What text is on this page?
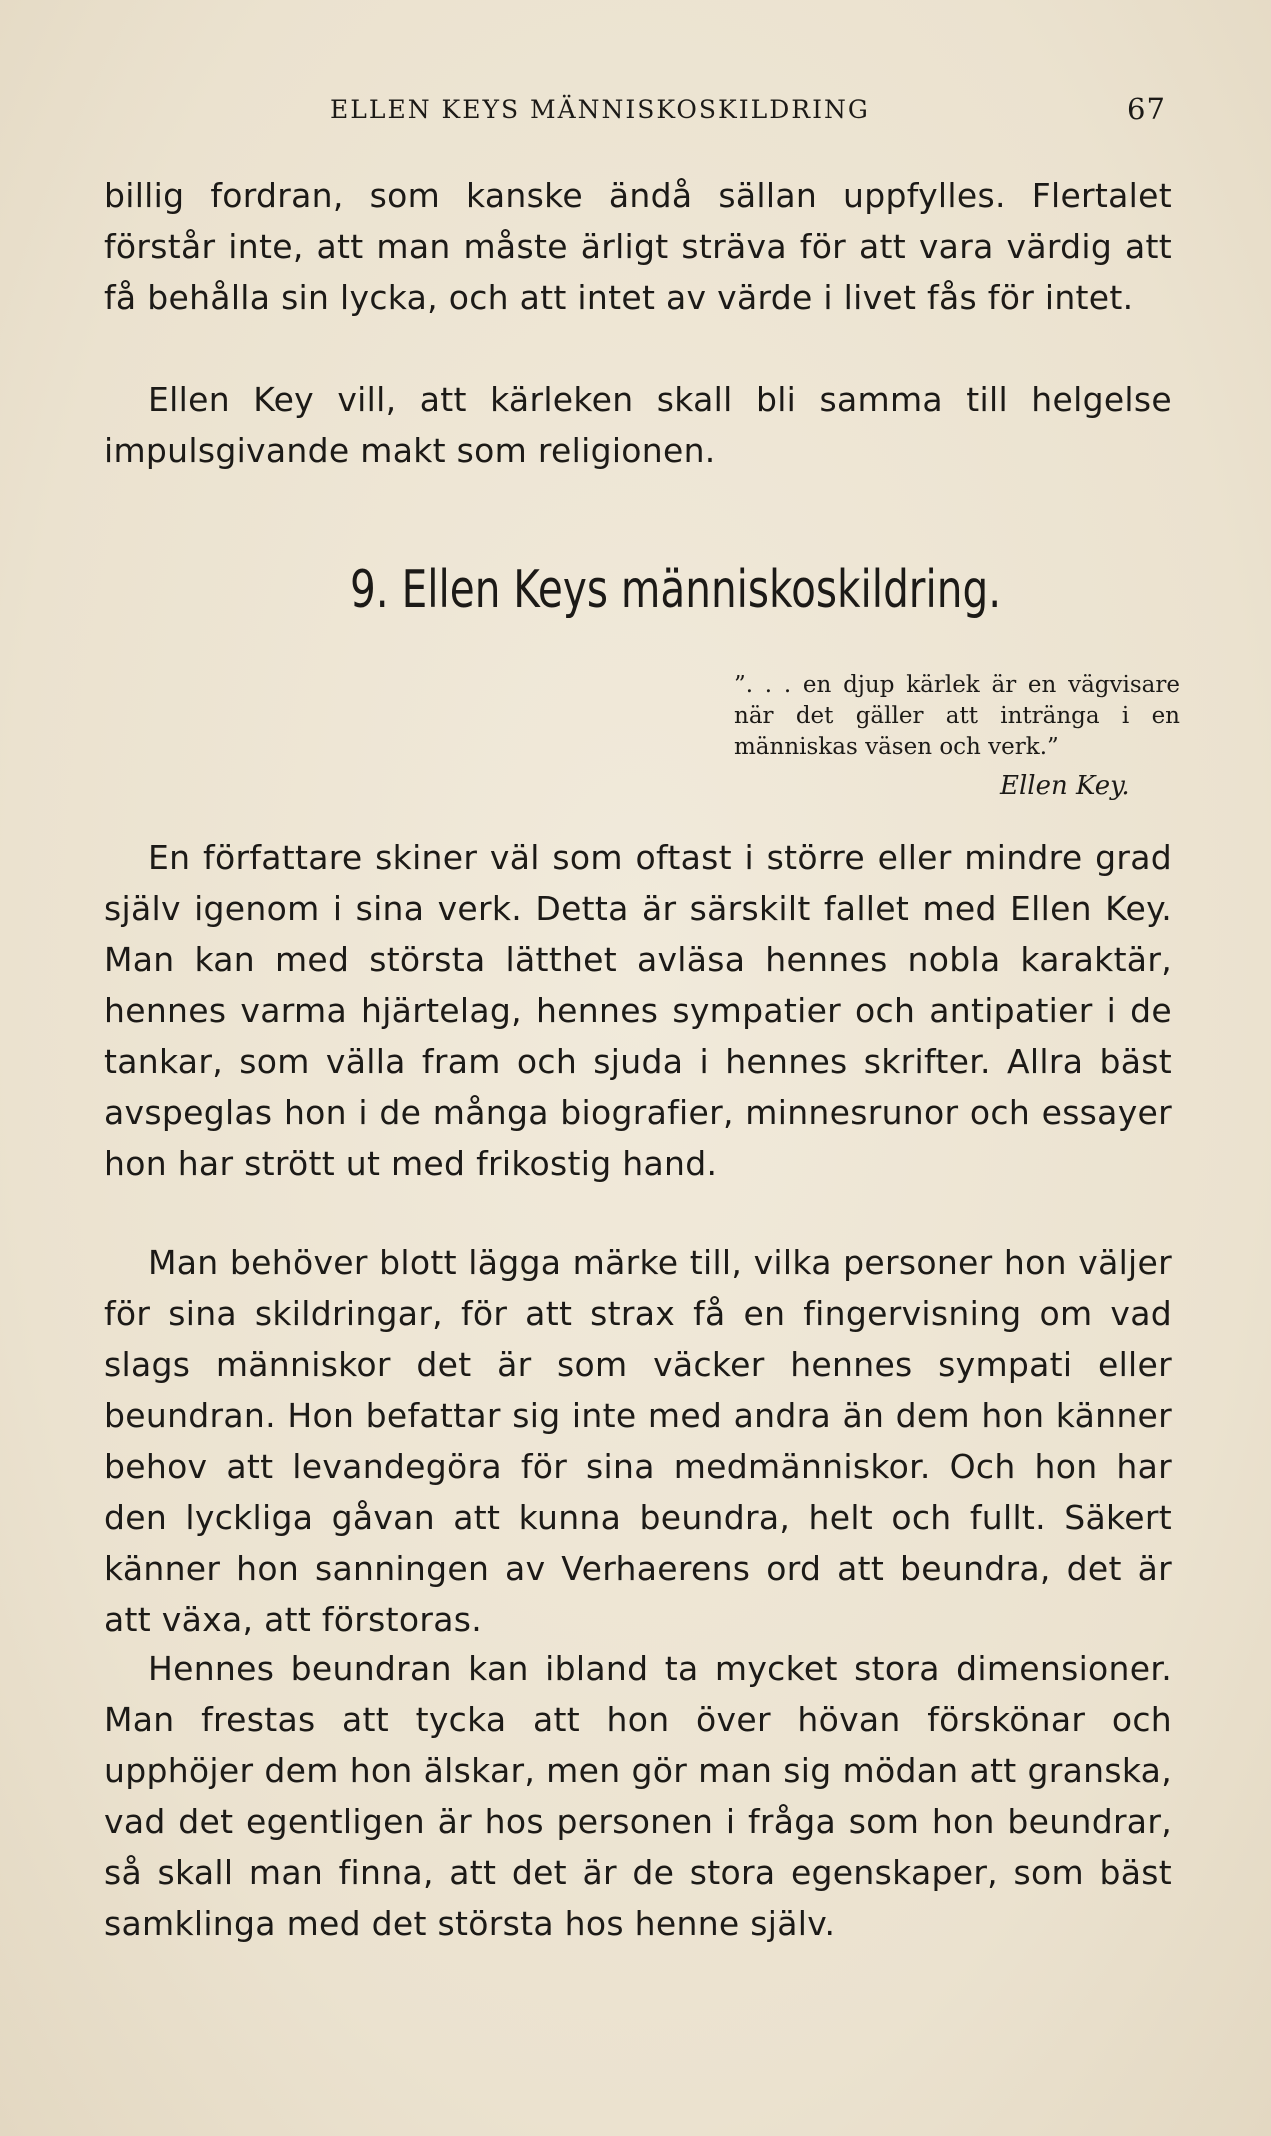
ELLEN KEYS MÄNNISKOSKILDRING	67

billig fordran, som kanske ändå sällan uppfylles. Flertalet förstår inte, att man måste ärligt sträva för att vara värdig att få behålla sin lycka, och att intet av värde i livet fås för intet.

Ellen Key vill, att kärleken skall bli samma till helgelse impulsgivande makt som religionen.

9. Ellen Keys människoskildring.

”. . . en djup kärlek är en vägvisare när det gäller att intränga i en människas väsen och verk.”

Ellen Key.

En författare skiner väl som oftast i större eller mindre grad själv igenom i sina verk. Detta är särskilt fallet med Ellen Key. Man kan med största lätthet avläsa hennes nobla karaktär, hennes varma hjärtelag, hennes sympatier och antipatier i de tankar, som välla fram och sjuda i hennes skrifter. Allra bäst avspeglas hon i de många biografier, minnesrunor och essayer hon har strött ut med frikostig hand.

Man behöver blott lägga märke till, vilka personer hon väljer för sina skildringar, för att strax få en fingervisning om vad slags människor det är som väcker hennes sympati eller beundran. Hon befattar sig inte med andra än dem hon känner behov att levandegöra för sina medmänniskor. Och hon har den lyckliga gåvan att kunna beundra, helt och fullt. Säkert känner hon sanningen av Verhaerens ord att beundra, det är att växa, att förstoras.

Hennes beundran kan ibland ta mycket stora dimensioner. Man frestas att tycka att hon över hövan förskönar och upphöjer dem hon älskar, men gör man sig mödan att granska, vad det egentligen är hos personen i fråga som hon beundrar, så skall man finna, att det är de stora egenskaper, som bäst samklinga med det största hos henne själv.
